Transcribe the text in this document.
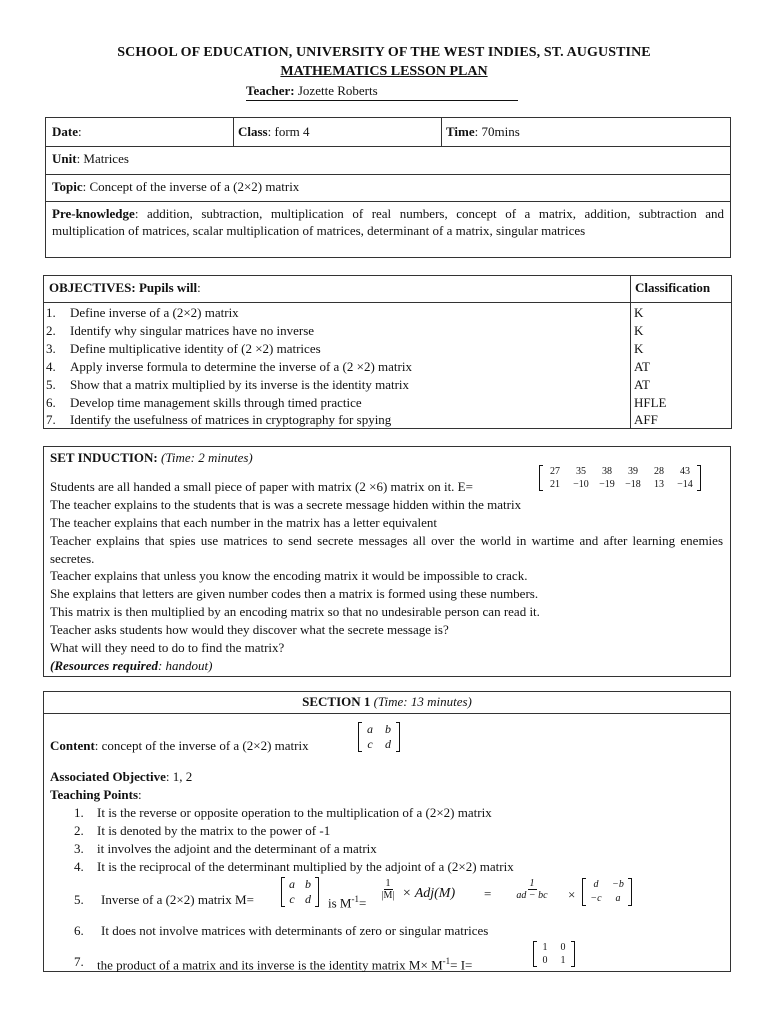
SCHOOL OF EDUCATION, UNIVERSITY OF THE WEST INDIES, ST. AUGUSTINE
MATHEMATICS LESSON PLAN
Teacher: Jozette Roberts
Date:	Class: form 4	Time: 70mins
Unit: Matrices
Topic: Concept of the inverse of a (2×2) matrix
Pre-knowledge: addition, subtraction, multiplication of real numbers, concept of a matrix, addition, subtraction and multiplication of matrices, scalar multiplication of matrices, determinant of a matrix, singular matrices
OBJECTIVES: Pupils will:	Classification
1.	Define inverse of a (2×2) matrix	K
2.	Identify why singular matrices have no inverse	K
3.	Define multiplicative identity of (2 ×2) matrices	K
4.	Apply inverse formula to determine the inverse of a (2 ×2) matrix	AT
5.	Show that a matrix multiplied by its inverse is the identity matrix	AT
6.	Develop time management skills through timed practice	HFLE
7.	Identify the usefulness of matrices in cryptography for spying	AFF
SET INDUCTION: (Time: 2 minutes)
Students are all handed a small piece of paper with matrix (2 ×6) matrix on it. E=
27	35	38	39	28	43
21	−10	−19	−18	13	−14
The teacher explains to the students that is was a secrete message hidden within the matrix
The teacher explains that each number in the matrix has a letter equivalent
Teacher explains that spies use matrices to send secrete messages all over the world in wartime and after learning enemies secretes.
Teacher explains that unless you know the encoding matrix it would be impossible to crack.
She explains that letters are given number codes then a matrix is formed using these numbers.
This matrix is then multiplied by an encoding matrix so that no undesirable person can read it.
Teacher asks students how would they discover what the secrete message is?
What will they need to do to find the matrix?
(Resources required: handout)
SECTION 1 (Time: 13 minutes)
Content: concept of the inverse of a (2×2) matrix
a	b
c	d
Associated Objective: 1, 2
Teaching Points:
1. It is the reverse or opposite operation to the multiplication of a (2×2) matrix
2. It is denoted by the matrix to the power of -1
3. it involves the adjoint and the determinant of a matrix
4. It is the reciprocal of the determinant multiplied by the adjoint of a (2×2) matrix
5. Inverse of a (2×2) matrix M=
a b
c d	is $M^{-1}=$
$\frac{1}{|M|} \times Adj(M) = \frac{1}{ad - bc}$ ×
d	−b
−c	a
6. It does not involve matrices with determinants of zero or singular matrices
7. the product of a matrix and its inverse is the identity matrix $M\times M^{-1}= I=$
1	0
0	1
